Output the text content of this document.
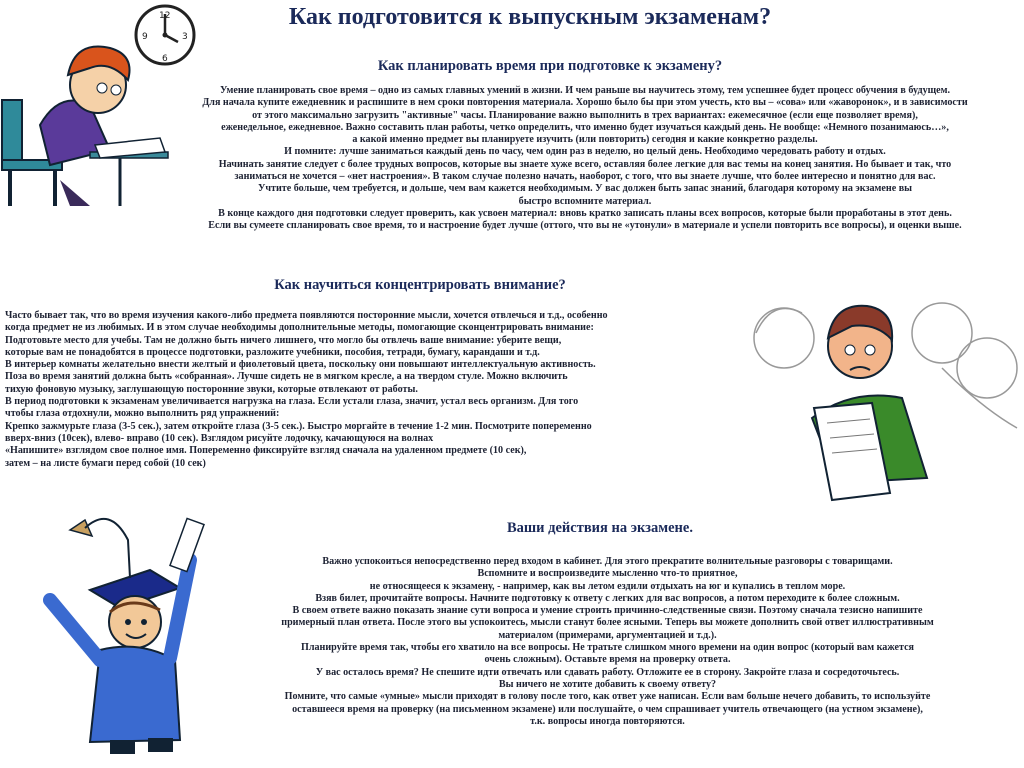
Как подготовится к выпускным экзаменам?
12
3
6
9
Как планировать время при подготовке к экзамену?

Умение планировать свое время – одно из самых главных умений в жизни. И чем раньше вы научитесь этому, тем успешнее будет процесс обучения в будущем.

Для начала купите ежедневник и распишите в нем сроки повторения материала. Хорошо было бы при этом учесть, кто вы – «сова» или «жаворонок», и в зависимости

от этого максимально загрузить "активные" часы. Планирование важно выполнить в трех вариантах: ежемесячное (если еще позволяет время),

еженедельное, ежедневное. Важно составить план работы, четко определить, что именно будет изучаться каждый день. Не вообще: «Немного позанимаюсь…»,

а какой именно предмет вы планируете изучить (или повторить) сегодня и какие конкретно разделы.

И помните: лучше заниматься каждый день по часу, чем один раз в неделю, но целый день. Необходимо чередовать работу и отдых.

Начинать занятие следует с более трудных вопросов, которые вы знаете хуже всего, оставляя более легкие для вас темы на конец занятия. Но бывает и так, что

заниматься не хочется – «нет настроения». В таком случае полезно начать, наоборот, с того, что вы знаете лучше, что более интересно и понятно для вас.

Учтите больше, чем требуется, и дольше, чем вам кажется необходимым. У вас должен быть запас знаний, благодаря которому на экзамене вы

быстро вспомните материал.

В конце каждого дня подготовки следует проверить, как усвоен материал: вновь кратко записать планы всех вопросов, которые были проработаны в этот день.

Если вы сумеете спланировать свое время, то и настроение будет лучше (оттого, что вы не «утонули» в материале и успели повторить все вопросы), и оценки выше.

Как научиться концентрировать внимание?

Часто бывает так, что во время изучения какого-либо предмета появляются посторонние мысли, хочется отвлечься и т.д., особенно

когда предмет не из любимых. И в этом случае необходимы дополнительные методы, помогающие сконцентрировать внимание:

Подготовьте место для учебы. Там не должно быть ничего лишнего, что могло бы отвлечь ваше внимание: уберите вещи,

которые вам не понадобятся в процессе подготовки, разложите учебники, пособия, тетради, бумагу, карандаши и т.д.

В интерьер комнаты желательно внести желтый и фиолетовый цвета, поскольку они повышают интеллектуальную активность.

Поза во время занятий должна быть «собранная». Лучше сидеть не в мягком кресле, а на твердом стуле. Можно включить

тихую фоновую музыку, заглушающую посторонние звуки, которые отвлекают от работы.

В период подготовки к экзаменам увеличивается нагрузка на глаза. Если устали глаза, значит, устал весь организм. Для того

чтобы глаза отдохнули, можно выполнить ряд упражнений:

Крепко зажмурьте глаза (3-5 сек.), затем откройте глаза (3-5 сек.). Быстро моргайте в течение 1-2 мин. Посмотрите попеременно

вверх-вниз (10сек), влево- вправо (10 сек). Взглядом рисуйте лодочку, качающуюся на волнах

«Напишите» взглядом свое полное имя. Попеременно фиксируйте взгляд сначала на удаленном предмете (10 сек),

затем – на листе бумаги перед собой (10 сек)

Ваши действия на экзамене.

Важно успокоиться непосредственно перед входом в кабинет. Для этого прекратите волнительные разговоры с товарищами.

Вспомните и воспроизведите мысленно что-то приятное,

не относящееся к экзамену, - например, как вы летом ездили отдыхать на юг и купались в теплом море.

Взяв билет, прочитайте вопросы. Начните подготовку к ответу с легких для вас вопросов, а потом переходите к более сложным.

В своем ответе важно показать знание сути вопроса и умение строить причинно-следственные связи. Поэтому сначала тезисно напишите

примерный план ответа. После этого вы успокоитесь, мысли станут более ясными. Теперь вы можете дополнить свой ответ иллюстративным

материалом (примерами, аргументацией и т.д.).

Планируйте время так, чтобы его хватило на все вопросы. Не тратьте слишком много времени на один вопрос (который вам кажется

очень сложным). Оставьте время на проверку ответа.

У вас осталось время? Не спешите идти отвечать или сдавать работу. Отложите ее в сторону. Закройте глаза и сосредоточьтесь.

Вы ничего не хотите добавить к своему ответу?

Помните, что самые «умные» мысли приходят в голову после того, как ответ уже написан. Если вам больше нечего добавить, то используйте

оставшееся время на проверку (на письменном экзамене) или послушайте, о чем спрашивает учитель отвечающего (на устном экзамене),

т.к. вопросы иногда повторяются.
